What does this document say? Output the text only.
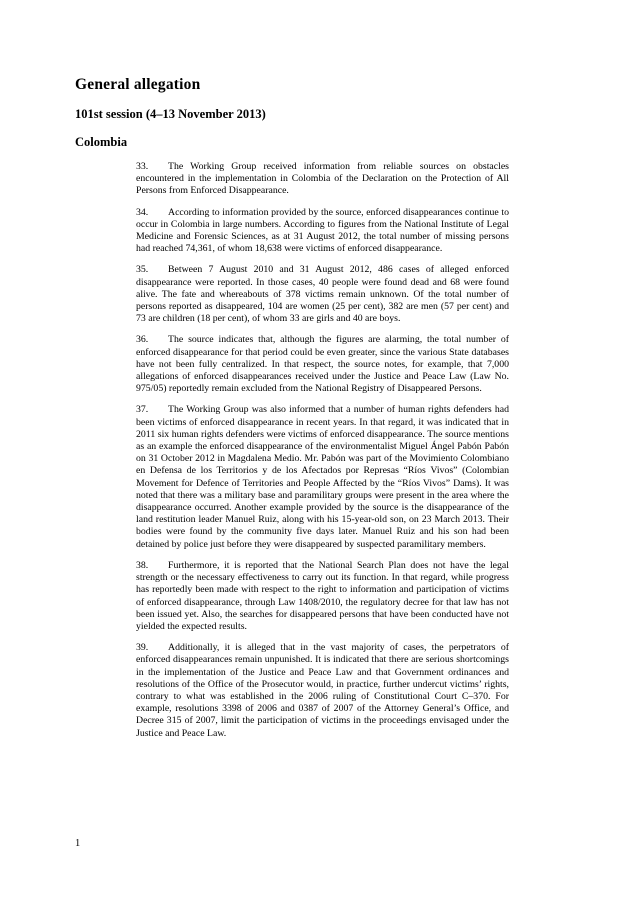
General allegation
101st session (4–13 November 2013)
Colombia

33. The Working Group received information from reliable sources on obstacles encountered in the implementation in Colombia of the Declaration on the Protection of All Persons from Enforced Disappearance.

34. According to information provided by the source, enforced disappearances continue to occur in Colombia in large numbers. According to figures from the National Institute of Legal Medicine and Forensic Sciences, as at 31 August 2012, the total number of missing persons had reached 74,361, of whom 18,638 were victims of enforced disappearance.

35. Between 7 August 2010 and 31 August 2012, 486 cases of alleged enforced disappearance were reported. In those cases, 40 people were found dead and 68 were found alive. The fate and whereabouts of 378 victims remain unknown. Of the total number of persons reported as disappeared, 104 are women (25 per cent), 382 are men (57 per cent) and 73 are children (18 per cent), of whom 33 are girls and 40 are boys.

36. The source indicates that, although the figures are alarming, the total number of enforced disappearance for that period could be even greater, since the various State databases have not been fully centralized. In that respect, the source notes, for example, that 7,000 allegations of enforced disappearances received under the Justice and Peace Law (Law No. 975/05) reportedly remain excluded from the National Registry of Disappeared Persons.

37. The Working Group was also informed that a number of human rights defenders had been victims of enforced disappearance in recent years. In that regard, it was indicated that in 2011 six human rights defenders were victims of enforced disappearance. The source mentions as an example the enforced disappearance of the environmentalist Miguel Ángel Pabón Pabón on 31 October 2012 in Magdalena Medio. Mr. Pabón was part of the Movimiento Colombiano en Defensa de los Territorios y de los Afectados por Represas “Ríos Vivos” (Colombian Movement for Defence of Territories and People Affected by the “Ríos Vivos” Dams). It was noted that there was a military base and paramilitary groups were present in the area where the disappearance occurred. Another example provided by the source is the disappearance of the land restitution leader Manuel Ruiz, along with his 15-year-old son, on 23 March 2013. Their bodies were found by the community five days later. Manuel Ruiz and his son had been detained by police just before they were disappeared by suspected paramilitary members.

38. Furthermore, it is reported that the National Search Plan does not have the legal strength or the necessary effectiveness to carry out its function. In that regard, while progress has reportedly been made with respect to the right to information and participation of victims of enforced disappearance, through Law 1408/2010, the regulatory decree for that law has not been issued yet. Also, the searches for disappeared persons that have been conducted have not yielded the expected results.

39. Additionally, it is alleged that in the vast majority of cases, the perpetrators of enforced disappearances remain unpunished. It is indicated that there are serious shortcomings in the implementation of the Justice and Peace Law and that Government ordinances and resolutions of the Office of the Prosecutor would, in practice, further undercut victims’ rights, contrary to what was established in the 2006 ruling of Constitutional Court C–370. For example, resolutions 3398 of 2006 and 0387 of 2007 of the Attorney General’s Office, and Decree 315 of 2007, limit the participation of victims in the proceedings envisaged under the Justice and Peace Law.

1
